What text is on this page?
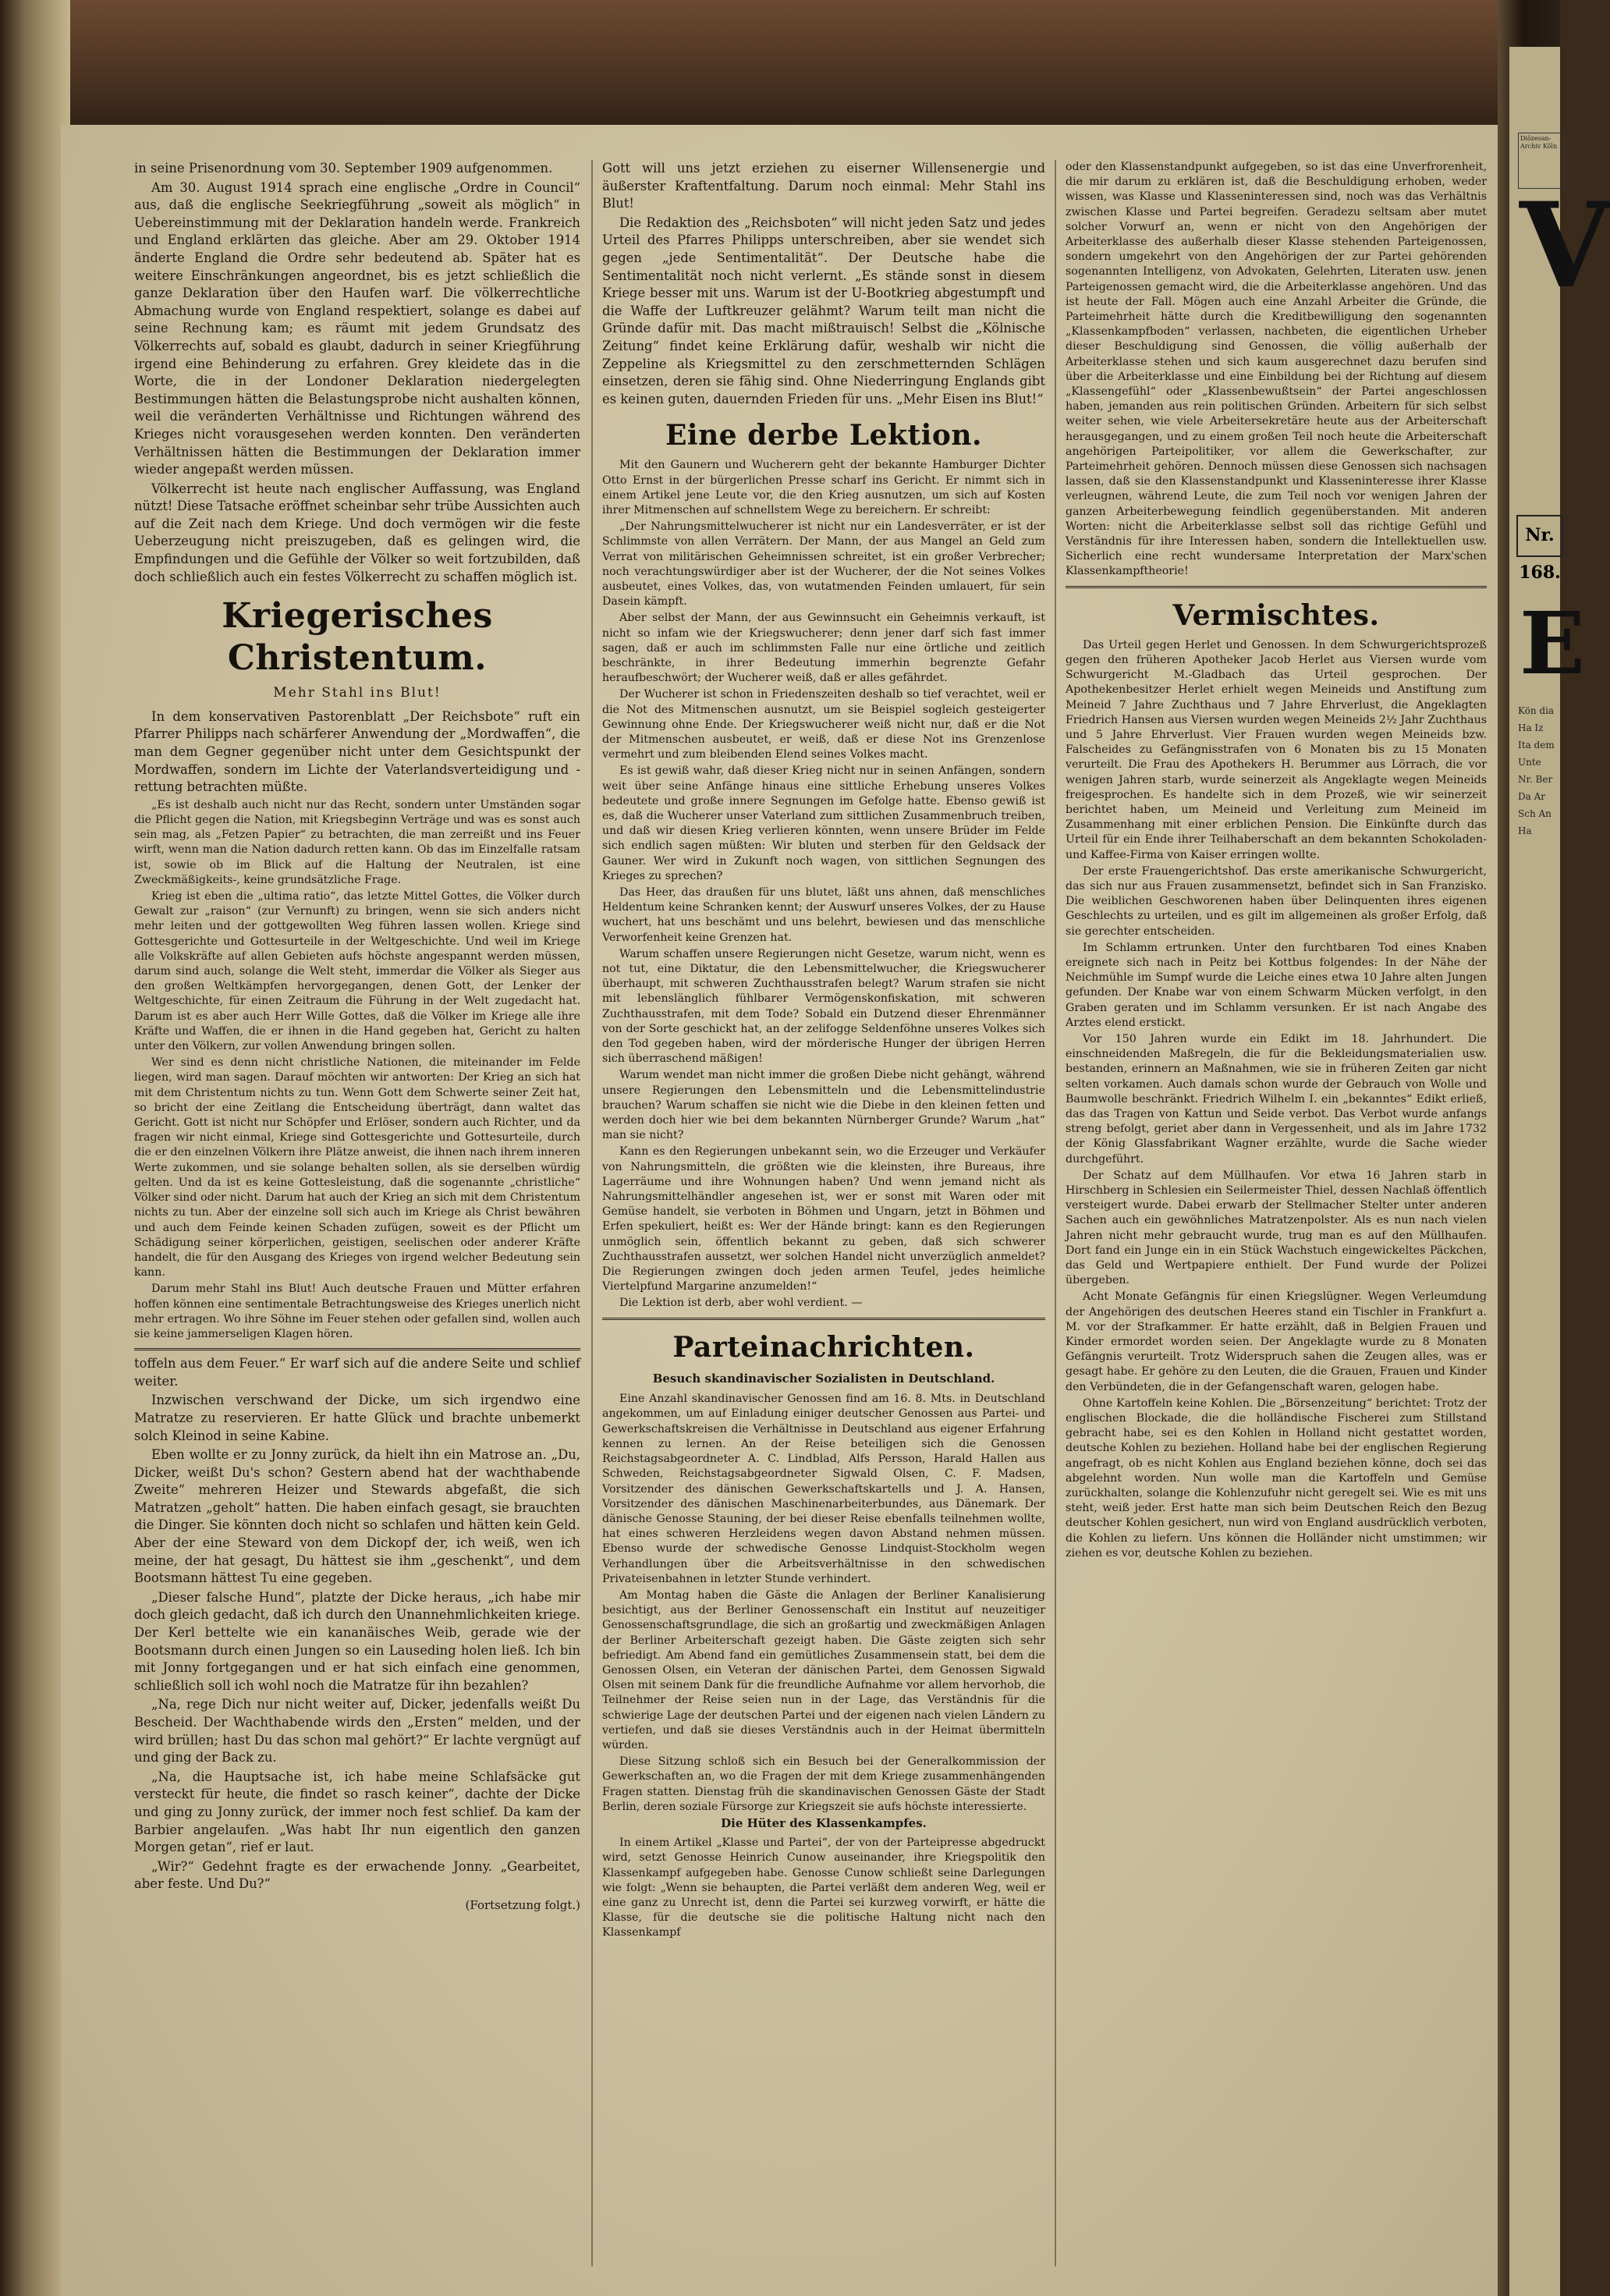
in seine Prisenordnung vom 30. September 1909 aufgenommen.

Am 30. August 1914 sprach eine englische „Ordre in Council“ aus, daß die englische Seekriegführung „soweit als möglich“ in Uebereinstimmung mit der Deklaration handeln werde. Frankreich und England erklärten das gleiche. Aber am 29. Oktober 1914 änderte England die Ordre sehr bedeutend ab. Später hat es weitere Einschränkungen angeordnet, bis es jetzt schließlich die ganze Deklaration über den Haufen warf. Die völkerrechtliche Abmachung wurde von England respektiert, solange es dabei auf seine Rechnung kam; es räumt mit jedem Grundsatz des Völkerrechts auf, sobald es glaubt, dadurch in seiner Kriegführung irgend eine Behinderung zu erfahren. Grey kleidete das in die Worte, die in der Londoner Deklaration niedergelegten Bestimmungen hätten die Belastungsprobe nicht aushalten können, weil die veränderten Verhältnisse und Richtungen während des Krieges nicht vorausgesehen werden konnten. Den veränderten Verhältnissen hätten die Bestimmungen der Deklaration immer wieder angepaßt werden müssen.

Völkerrecht ist heute nach englischer Auffassung, was England nützt! Diese Tatsache eröffnet scheinbar sehr trübe Aussichten auch auf die Zeit nach dem Kriege. Und doch vermögen wir die feste Ueberzeugung nicht preiszugeben, daß es gelingen wird, die Empfindungen und die Gefühle der Völker so weit fortzubilden, daß doch schließlich auch ein festes Völkerrecht zu schaffen möglich ist.

Kriegerisches Christentum.
Mehr Stahl ins Blut!

In dem konservativen Pastorenblatt „Der Reichsbote“ ruft ein Pfarrer Philipps nach schärferer Anwendung der „Mordwaffen“, die man dem Gegner gegenüber nicht unter dem Gesichtspunkt der Mordwaffen, sondern im Lichte der Vaterlandsverteidigung und -rettung betrachten müßte.

„Es ist deshalb auch nicht nur das Recht, sondern unter Umständen sogar die Pflicht gegen die Nation, mit Kriegsbeginn Verträge und was es sonst auch sein mag, als „Fetzen Papier“ zu betrachten, die man zerreißt und ins Feuer wirft, wenn man die Nation dadurch retten kann. Ob das im Einzelfalle ratsam ist, sowie ob im Blick auf die Haltung der Neutralen, ist eine Zweckmäßigkeits-, keine grundsätzliche Frage.

Krieg ist eben die „ultima ratio“, das letzte Mittel Gottes, die Völker durch Gewalt zur „raison“ (zur Vernunft) zu bringen, wenn sie sich anders nicht mehr leiten und der gottgewollten Weg führen lassen wollen. Kriege sind Gottesgerichte und Gottesurteile in der Weltgeschichte. Und weil im Kriege alle Volkskräfte auf allen Gebieten aufs höchste angespannt werden müssen, darum sind auch, solange die Welt steht, immerdar die Völker als Sieger aus den großen Weltkämpfen hervorgegangen, denen Gott, der Lenker der Weltgeschichte, für einen Zeitraum die Führung in der Welt zugedacht hat. Darum ist es aber auch Herr Wille Gottes, daß die Völker im Kriege alle ihre Kräfte und Waffen, die er ihnen in die Hand gegeben hat, Gericht zu halten unter den Völkern, zur vollen Anwendung bringen sollen.

Wer sind es denn nicht christliche Nationen, die miteinander im Felde liegen, wird man sagen. Darauf möchten wir antworten: Der Krieg an sich hat mit dem Christentum nichts zu tun. Wenn Gott dem Schwerte seiner Zeit hat, so bricht der eine Zeitlang die Entscheidung überträgt, dann waltet das Gericht. Gott ist nicht nur Schöpfer und Erlöser, sondern auch Richter, und da fragen wir nicht einmal, Kriege sind Gottesgerichte und Gottesurteile, durch die er den einzelnen Völkern ihre Plätze anweist, die ihnen nach ihrem inneren Werte zukommen, und sie solange behalten sollen, als sie derselben würdig gelten. Und da ist es keine Gottesleistung, daß die sogenannte „christliche“ Völker sind oder nicht. Darum hat auch der Krieg an sich mit dem Christentum nichts zu tun. Aber der einzelne soll sich auch im Kriege als Christ bewähren und auch dem Feinde keinen Schaden zufügen, soweit es der Pflicht um Schädigung seiner körperlichen, geistigen, seelischen oder anderer Kräfte handelt, die für den Ausgang des Krieges von irgend welcher Bedeutung sein kann.

Darum mehr Stahl ins Blut! Auch deutsche Frauen und Mütter erfahren hoffen können eine sentimentale Betrachtungsweise des Krieges unerlich nicht mehr ertragen. Wo ihre Söhne im Feuer stehen oder gefallen sind, wollen auch sie keine jammerseligen Klagen hören.

toffeln aus dem Feuer.“ Er warf sich auf die andere Seite und schlief weiter.

Inzwischen verschwand der Dicke, um sich irgendwo eine Matratze zu reservieren. Er hatte Glück und brachte unbemerkt solch Kleinod in seine Kabine.

Eben wollte er zu Jonny zurück, da hielt ihn ein Matrose an. „Du, Dicker, weißt Du's schon? Gestern abend hat der wachthabende Zweite“ mehreren Heizer und Stewards abgefaßt, die sich Matratzen „geholt“ hatten. Die haben einfach gesagt, sie brauchten die Dinger. Sie könnten doch nicht so schlafen und hätten kein Geld. Aber der eine Steward von dem Dickopf der, ich weiß, wen ich meine, der hat gesagt, Du hättest sie ihm „geschenkt“, und dem Bootsmann hättest Tu eine gegeben.

„Dieser falsche Hund“, platzte der Dicke heraus, „ich habe mir doch gleich gedacht, daß ich durch den Unannehmlichkeiten kriege. Der Kerl bettelte wie ein kananäisches Weib, gerade wie der Bootsmann durch einen Jungen so ein Lauseding holen ließ. Ich bin mit Jonny fortgegangen und er hat sich einfach eine genommen, schließlich soll ich wohl noch die Matratze für ihn bezahlen?

„Na, rege Dich nur nicht weiter auf, Dicker, jedenfalls weißt Du Bescheid. Der Wachthabende wirds den „Ersten“ melden, und der wird brüllen; hast Du das schon mal gehört?“ Er lachte vergnügt auf und ging der Back zu.

„Na, die Hauptsache ist, ich habe meine Schlafsäcke gut versteckt für heute, die findet so rasch keiner“, dachte der Dicke und ging zu Jonny zurück, der immer noch fest schlief. Da kam der Barbier angelaufen. „Was habt Ihr nun eigentlich den ganzen Morgen getan“, rief er laut.

„Wir?“ Gedehnt fragte es der erwachende Jonny. „Gearbeitet, aber feste. Und Du?“

(Fortsetzung folgt.)

Gott will uns jetzt erziehen zu eiserner Willensenergie und äußerster Kraftentfaltung. Darum noch einmal: Mehr Stahl ins Blut!

Die Redaktion des „Reichsboten“ will nicht jeden Satz und jedes Urteil des Pfarres Philipps unterschreiben, aber sie wendet sich gegen „jede Sentimentalität“. Der Deutsche habe die Sentimentalität noch nicht verlernt. „Es stände sonst in diesem Kriege besser mit uns. Warum ist der U-Bootkrieg abgestumpft und die Waffe der Luftkreuzer gelähmt? Warum teilt man nicht die Gründe dafür mit. Das macht mißtrauisch! Selbst die „Kölnische Zeitung“ findet keine Erklärung dafür, weshalb wir nicht die Zeppeline als Kriegsmittel zu den zerschmetternden Schlägen einsetzen, deren sie fähig sind. Ohne Niederringung Englands gibt es keinen guten, dauernden Frieden für uns. „Mehr Eisen ins Blut!“

Eine derbe Lektion.

Mit den Gaunern und Wucherern geht der bekannte Hamburger Dichter Otto Ernst in der bürgerlichen Presse scharf ins Gericht. Er nimmt sich in einem Artikel jene Leute vor, die den Krieg ausnutzen, um sich auf Kosten ihrer Mitmenschen auf schnellstem Wege zu bereichern. Er schreibt:

„Der Nahrungsmittelwucherer ist nicht nur ein Landesverräter, er ist der Schlimmste von allen Verrätern. Der Mann, der aus Mangel an Geld zum Verrat von militärischen Geheimnissen schreitet, ist ein großer Verbrecher; noch verachtungswürdiger aber ist der Wucherer, der die Not seines Volkes ausbeutet, eines Volkes, das, von wutatmenden Feinden umlauert, für sein Dasein kämpft.

Aber selbst der Mann, der aus Gewinnsucht ein Geheimnis verkauft, ist nicht so infam wie der Kriegswucherer; denn jener darf sich fast immer sagen, daß er auch im schlimmsten Falle nur eine örtliche und zeitlich beschränkte, in ihrer Bedeutung immerhin begrenzte Gefahr heraufbeschwört; der Wucherer weiß, daß er alles gefährdet.

Der Wucherer ist schon in Friedenszeiten deshalb so tief verachtet, weil er die Not des Mitmenschen ausnutzt, um sie Beispiel sogleich gesteigerter Gewinnung ohne Ende. Der Kriegswucherer weiß nicht nur, daß er die Not der Mitmenschen ausbeutet, er weiß, daß er diese Not ins Grenzenlose vermehrt und zum bleibenden Elend seines Volkes macht.

Es ist gewiß wahr, daß dieser Krieg nicht nur in seinen Anfängen, sondern weit über seine Anfänge hinaus eine sittliche Erhebung unseres Volkes bedeutete und große innere Segnungen im Gefolge hatte. Ebenso gewiß ist es, daß die Wucherer unser Vaterland zum sittlichen Zusammenbruch treiben, und daß wir diesen Krieg verlieren könnten, wenn unsere Brüder im Felde sich endlich sagen müßten: Wir bluten und sterben für den Geldsack der Gauner. Wer wird in Zukunft noch wagen, von sittlichen Segnungen des Krieges zu sprechen?

Das Heer, das draußen für uns blutet, läßt uns ahnen, daß menschliches Heldentum keine Schranken kennt; der Auswurf unseres Volkes, der zu Hause wuchert, hat uns beschämt und uns belehrt, bewiesen und das menschliche Verworfenheit keine Grenzen hat.

Warum schaffen unsere Regierungen nicht Gesetze, warum nicht, wenn es not tut, eine Diktatur, die den Lebensmittelwucher, die Kriegswucherer überhaupt, mit schweren Zuchthausstrafen belegt? Warum strafen sie nicht mit lebenslänglich fühlbarer Vermögenskonfiskation, mit schweren Zuchthausstrafen, mit dem Tode? Sobald ein Dutzend dieser Ehrenmänner von der Sorte geschickt hat, an der zelifogge Seldenföhne unseres Volkes sich den Tod gegeben haben, wird der mörderische Hunger der übrigen Herren sich überraschend mäßigen!

Warum wendet man nicht immer die großen Diebe nicht gehängt, während unsere Regierungen den Lebensmitteln und die Lebensmittelindustrie brauchen? Warum schaffen sie nicht wie die Diebe in den kleinen fetten und werden doch hier wie bei dem bekannten Nürnberger Grunde? Warum „hat“ man sie nicht?

Kann es den Regierungen unbekannt sein, wo die Erzeuger und Verkäufer von Nahrungsmitteln, die größten wie die kleinsten, ihre Bureaus, ihre Lagerräume und ihre Wohnungen haben? Und wenn jemand nicht als Nahrungsmittelhändler angesehen ist, wer er sonst mit Waren oder mit Gemüse handelt, sie verboten in Böhmen und Ungarn, jetzt in Böhmen und Erfen spekuliert, heißt es: Wer der Hände bringt: kann es den Regierungen unmöglich sein, öffentlich bekannt zu geben, daß sich schwerer Zuchthausstrafen aussetzt, wer solchen Handel nicht unverzüglich anmeldet? Die Regierungen zwingen doch jeden armen Teufel, jedes heimliche Viertelpfund Margarine anzumelden!“

Die Lektion ist derb, aber wohl verdient. —

Parteinachrichten.
Besuch skandinavischer Sozialisten in Deutschland.

Eine Anzahl skandinavischer Genossen find am 16. 8. Mts. in Deutschland angekommen, um auf Einladung einiger deutscher Genossen aus Partei- und Gewerkschaftskreisen die Verhältnisse in Deutschland aus eigener Erfahrung kennen zu lernen. An der Reise beteiligen sich die Genossen Reichstagsabgeordneter A. C. Lindblad, Alfs Persson, Harald Hallen aus Schweden, Reichstagsabgeordneter Sigwald Olsen, C. F. Madsen, Vorsitzender des dänischen Gewerkschaftskartells und J. A. Hansen, Vorsitzender des dänischen Maschinenarbeiterbundes, aus Dänemark. Der dänische Genosse Stauning, der bei dieser Reise ebenfalls teilnehmen wollte, hat eines schweren Herzleidens wegen davon Abstand nehmen müssen. Ebenso wurde der schwedische Genosse Lindquist-Stockholm wegen Verhandlungen über die Arbeitsverhältnisse in den schwedischen Privateisenbahnen in letzter Stunde verhindert.

Am Montag haben die Gäste die Anlagen der Berliner Kanalisierung besichtigt, aus der Berliner Genossenschaft ein Institut auf neuzeitiger Genossenschaftsgrundlage, die sich an großartig und zweckmäßigen Anlagen der Berliner Arbeiterschaft gezeigt haben. Die Gäste zeigten sich sehr befriedigt. Am Abend fand ein gemütliches Zusammensein statt, bei dem die Genossen Olsen, ein Veteran der dänischen Partei, dem Genossen Sigwald Olsen mit seinem Dank für die freundliche Aufnahme vor allem hervorhob, die Teilnehmer der Reise seien nun in der Lage, das Verständnis für die schwierige Lage der deutschen Partei und der eigenen nach vielen Ländern zu vertiefen, und daß sie dieses Verständnis auch in der Heimat übermitteln würden.

Diese Sitzung schloß sich ein Besuch bei der Generalkommission der Gewerkschaften an, wo die Fragen der mit dem Kriege zusammenhängenden Fragen statten. Dienstag früh die skandinavischen Genossen Gäste der Stadt Berlin, deren soziale Fürsorge zur Kriegszeit sie aufs höchste interessierte.

Die Hüter des Klassenkampfes.

In einem Artikel „Klasse und Partei“, der von der Parteipresse abgedruckt wird, setzt Genosse Heinrich Cunow auseinander, ihre Kriegspolitik den Klassenkampf aufgegeben habe. Genosse Cunow schließt seine Darlegungen wie folgt: „Wenn sie behaupten, die Partei verläßt dem anderen Weg, weil er eine ganz zu Unrecht ist, denn die Partei sei kurzweg vorwirft, er hätte die Klasse, für die deutsche sie die politische Haltung nicht nach den Klassenkampf

oder den Klassenstandpunkt aufgegeben, so ist das eine Unverfrorenheit, die mir darum zu erklären ist, daß die Beschuldigung erhoben, weder wissen, was Klasse und Klasseninteressen sind, noch was das Verhältnis zwischen Klasse und Partei begreifen. Geradezu seltsam aber mutet solcher Vorwurf an, wenn er nicht von den Angehörigen der Arbeiterklasse des außerhalb dieser Klasse stehenden Parteigenossen, sondern umgekehrt von den Angehörigen der zur Partei gehörenden sogenannten Intelligenz, von Advokaten, Gelehrten, Literaten usw. jenen Parteigenossen gemacht wird, die die Arbeiterklasse angehören. Und das ist heute der Fall. Mögen auch eine Anzahl Arbeiter die Gründe, die Parteimehrheit hätte durch die Kreditbewilligung den sogenannten „Klassenkampfboden“ verlassen, nachbeten, die eigentlichen Urheber dieser Beschuldigung sind Genossen, die völlig außerhalb der Arbeiterklasse stehen und sich kaum ausgerechnet dazu berufen sind über die Arbeiterklasse und eine Einbildung bei der Richtung auf diesem „Klassengefühl“ oder „Klassenbewußtsein“ der Partei angeschlossen haben, jemanden aus rein politischen Gründen. Arbeitern für sich selbst weiter sehen, wie viele Arbeitersekretäre heute aus der Arbeiterschaft herausgegangen, und zu einem großen Teil noch heute die Arbeiterschaft angehörigen Parteipolitiker, vor allem die Gewerkschafter, zur Parteimehrheit gehören. Dennoch müssen diese Genossen sich nachsagen lassen, daß sie den Klassenstandpunkt und Klasseninteresse ihrer Klasse verleugnen, während Leute, die zum Teil noch vor wenigen Jahren der ganzen Arbeiterbewegung feindlich gegenüberstanden. Mit anderen Worten: nicht die Arbeiterklasse selbst soll das richtige Gefühl und Verständnis für ihre Interessen haben, sondern die Intellektuellen usw. Sicherlich eine recht wundersame Interpretation der Marx'schen Klassenkampftheorie!

Vermischtes.

Das Urteil gegen Herlet und Genossen. In dem Schwurgerichtsprozeß gegen den früheren Apotheker Jacob Herlet aus Viersen wurde vom Schwurgericht M.-Gladbach das Urteil gesprochen. Der Apothekenbesitzer Herlet erhielt wegen Meineids und Anstiftung zum Meineid 7 Jahre Zuchthaus und 7 Jahre Ehrverlust, die Angeklagten Friedrich Hansen aus Viersen wurden wegen Meineids 2½ Jahr Zuchthaus und 5 Jahre Ehrverlust. Vier Frauen wurden wegen Meineids bzw. Falscheides zu Gefängnisstrafen von 6 Monaten bis zu 15 Monaten verurteilt. Die Frau des Apothekers H. Berummer aus Lörrach, die vor wenigen Jahren starb, wurde seinerzeit als Angeklagte wegen Meineids freigesprochen. Es handelte sich in dem Prozeß, wie wir seinerzeit berichtet haben, um Meineid und Verleitung zum Meineid im Zusammenhang mit einer erblichen Pension. Die Einkünfte durch das Urteil für ein Ende ihrer Teilhaberschaft an dem bekannten Schokoladen- und Kaffee-Firma von Kaiser erringen wollte.

Der erste Frauengerichtshof. Das erste amerikanische Schwurgericht, das sich nur aus Frauen zusammensetzt, befindet sich in San Franzisko. Die weiblichen Geschworenen haben über Delinquenten ihres eigenen Geschlechts zu urteilen, und es gilt im allgemeinen als großer Erfolg, daß sie gerechter entscheiden.

Im Schlamm ertrunken. Unter den furchtbaren Tod eines Knaben ereignete sich nach in Peitz bei Kottbus folgendes: In der Nähe der Neichmühle im Sumpf wurde die Leiche eines etwa 10 Jahre alten Jungen gefunden. Der Knabe war von einem Schwarm Mücken verfolgt, in den Graben geraten und im Schlamm versunken. Er ist nach Angabe des Arztes elend erstickt.

Vor 150 Jahren wurde ein Edikt im 18. Jahrhundert. Die einschneidenden Maßregeln, die für die Bekleidungsmaterialien usw. bestanden, erinnern an Maßnahmen, wie sie in früheren Zeiten gar nicht selten vorkamen. Auch damals schon wurde der Gebrauch von Wolle und Baumwolle beschränkt. Friedrich Wilhelm I. ein „bekanntes“ Edikt erließ, das das Tragen von Kattun und Seide verbot. Das Verbot wurde anfangs streng befolgt, geriet aber dann in Vergessenheit, und als im Jahre 1732 der König Glassfabrikant Wagner erzählte, wurde die Sache wieder durchgeführt.

Der Schatz auf dem Müllhaufen. Vor etwa 16 Jahren starb in Hirschberg in Schlesien ein Seilermeister Thiel, dessen Nachlaß öffentlich versteigert wurde. Dabei erwarb der Stellmacher Stelter unter anderen Sachen auch ein gewöhnliches Matratzenpolster. Als es nun nach vielen Jahren nicht mehr gebraucht wurde, trug man es auf den Müllhaufen. Dort fand ein Junge ein in ein Stück Wachstuch eingewickeltes Päckchen, das Geld und Wertpapiere enthielt. Der Fund wurde der Polizei übergeben.

Acht Monate Gefängnis für einen Kriegslügner. Wegen Verleumdung der Angehörigen des deutschen Heeres stand ein Tischler in Frankfurt a. M. vor der Strafkammer. Er hatte erzählt, daß in Belgien Frauen und Kinder ermordet worden seien. Der Angeklagte wurde zu 8 Monaten Gefängnis verurteilt. Trotz Widerspruch sahen die Zeugen alles, was er gesagt habe. Er gehöre zu den Leuten, die die Grauen, Frauen und Kinder den Verbündeten, die in der Gefangenschaft waren, gelogen habe.

Ohne Kartoffeln keine Kohlen. Die „Börsenzeitung“ berichtet: Trotz der englischen Blockade, die die holländische Fischerei zum Stillstand gebracht habe, sei es den Kohlen in Holland nicht gestattet worden, deutsche Kohlen zu beziehen. Holland habe bei der englischen Regierung angefragt, ob es nicht Kohlen aus England beziehen könne, doch sei das abgelehnt worden. Nun wolle man die Kartoffeln und Gemüse zurückhalten, solange die Kohlenzufuhr nicht geregelt sei. Wie es mit uns steht, weiß jeder. Erst hatte man sich beim Deutschen Reich den Bezug deutscher Kohlen gesichert, nun wird von England ausdrücklich verboten, die Kohlen zu liefern. Uns können die Holländer nicht umstimmen; wir ziehen es vor, deutsche Kohlen zu beziehen.

Diözesan-Archiv Köln
V
Nr. 168.
E
Kön dia Ha Iz Ita dem Unte Nr. Ber Da Ar Sch An Ha
